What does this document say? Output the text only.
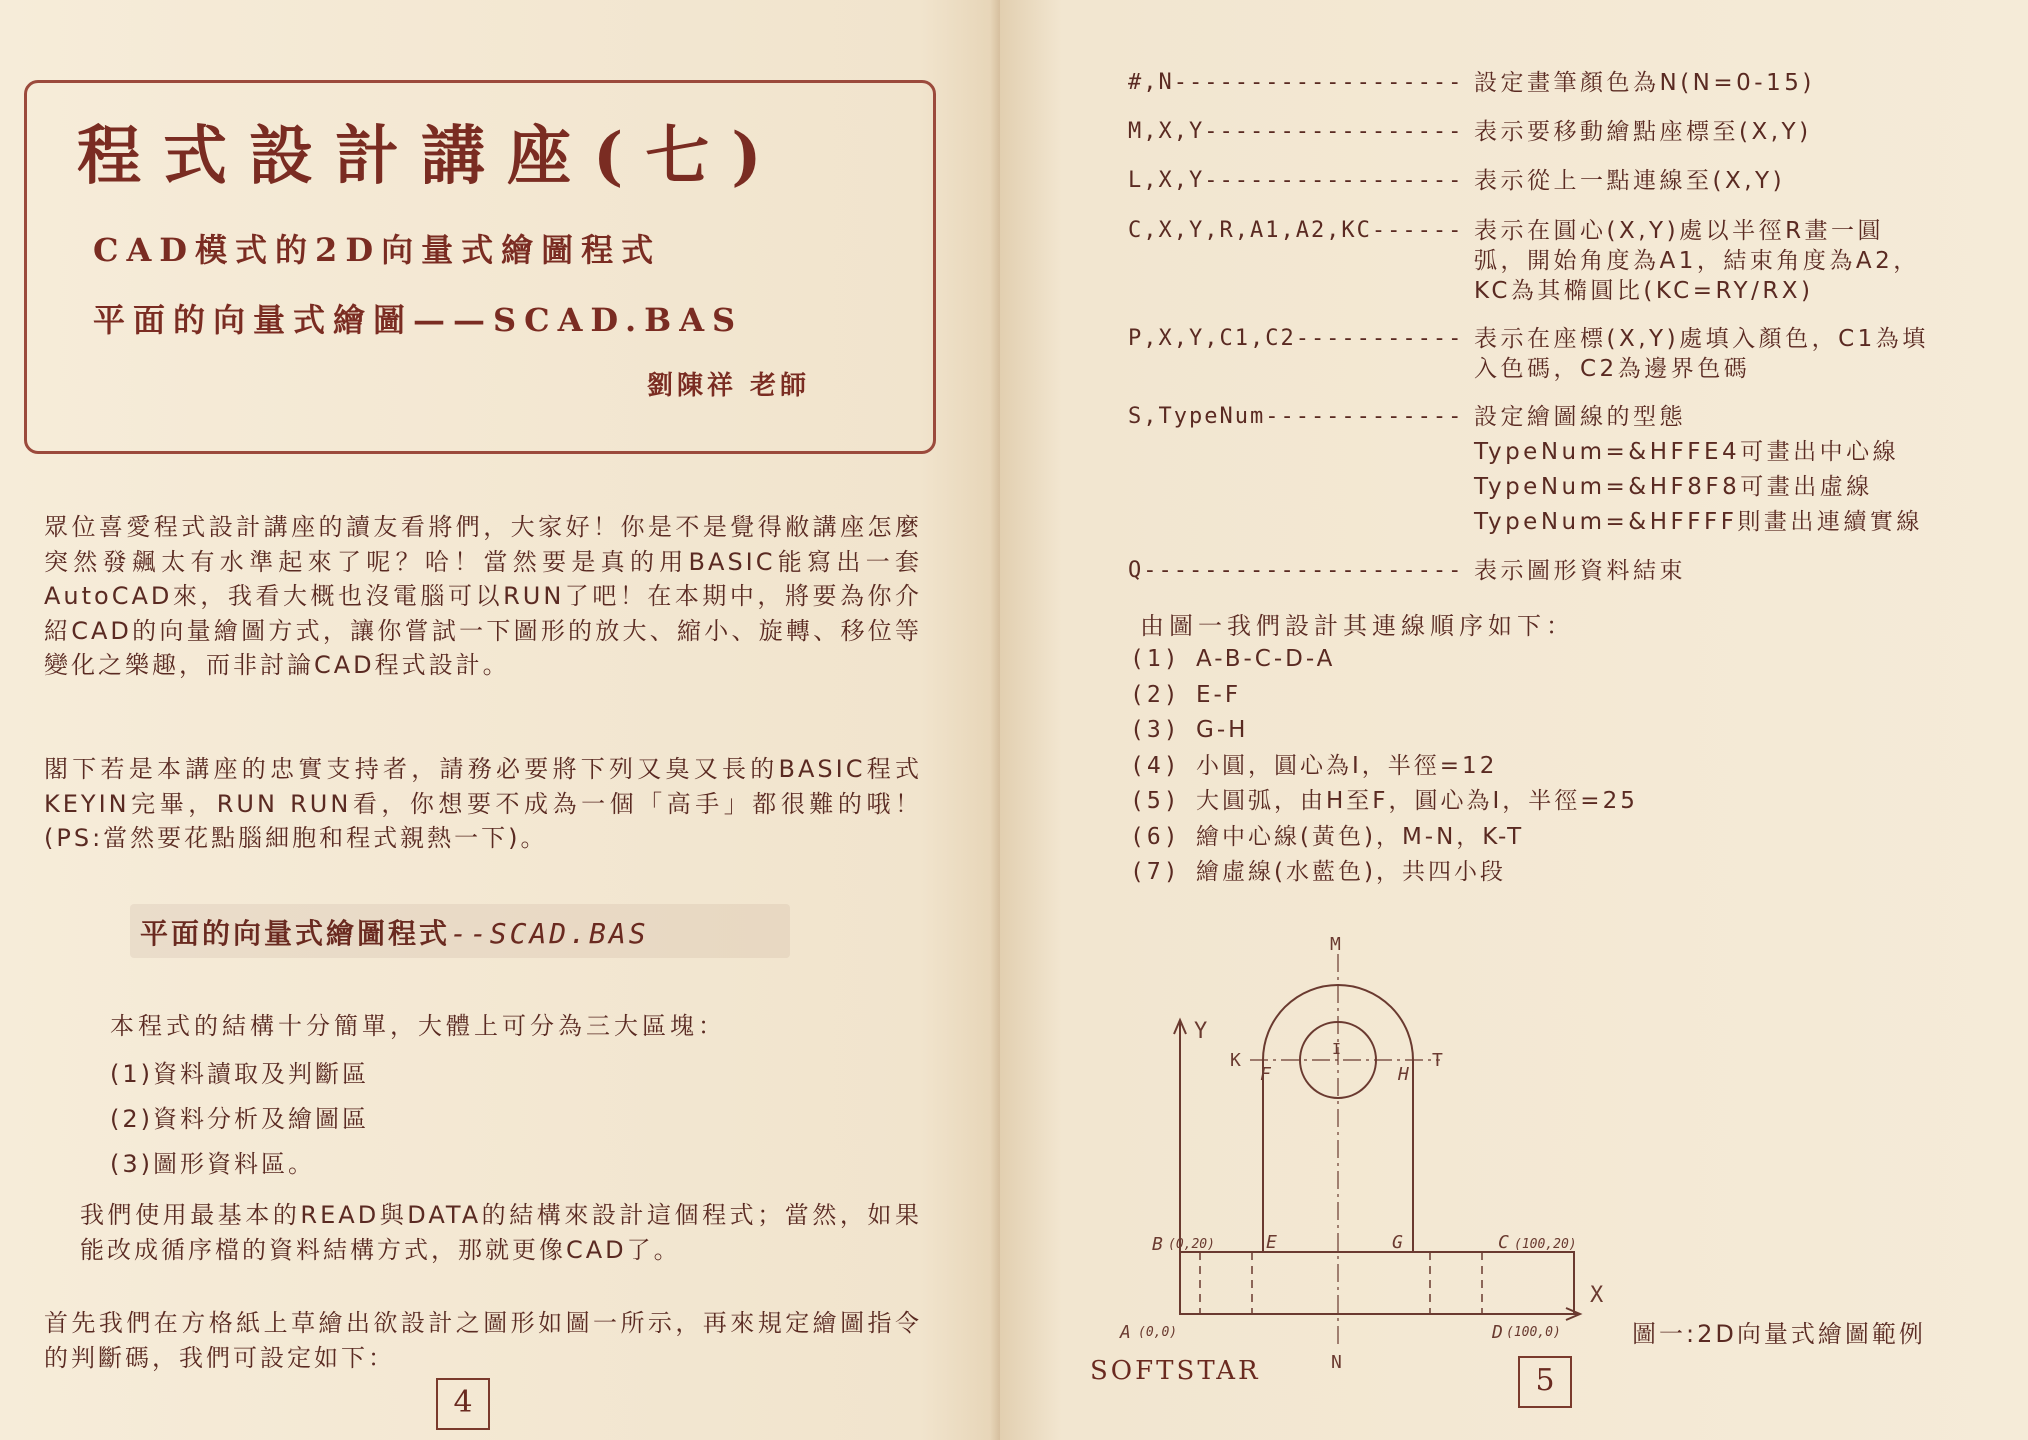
程式設計講座(七)
CAD模式的2D向量式繪圖程式
平面的向量式繪圖——SCAD.BAS
劉陳祥 老師
眾位喜愛程式設計講座的讀友看將們，大家好！你是不是覺得敝講座怎麼突然發飆太有水準起來了呢？哈！當然要是真的用BASIC能寫出一套AutoCAD來，我看大概也沒電腦可以RUN了吧！在本期中，將要為你介紹CAD的向量繪圖方式，讓你嘗試一下圖形的放大、縮小、旋轉、移位等變化之樂趣，而非討論CAD程式設計。
閣下若是本講座的忠實支持者，請務必要將下列又臭又長的BASIC程式KEYIN完畢，RUN RUN看，你想要不成為一個「高手」都很難的哦！(PS:當然要花點腦細胞和程式親熱一下)。
平面的向量式繪圖程式--SCAD.BAS
本程式的結構十分簡單，大體上可分為三大區塊：
(1)資料讀取及判斷區
(2)資料分析及繪圖區
(3)圖形資料區。
我們使用最基本的READ與DATA的結構來設計這個程式；當然，如果能改成循序檔的資料結構方式，那就更像CAD了。
首先我們在方格紙上草繪出欲設計之圖形如圖一所示，再來規定繪圖指令的判斷碼，我們可設定如下：
4
#,N------------------- 設定畫筆顏色為N(N=0-15)
M,X,Y----------------- 表示要移動繪點座標至(X,Y)
L,X,Y----------------- 表示從上一點連線至(X,Y)
C,X,Y,R,A1,A2,KC------ 表示在圓心(X,Y)處以半徑R畫一圓弧，開始角度為A1，結束角度為A2，KC為其橢圓比(KC=RY/RX)
P,X,Y,C1,C2----------- 表示在座標(X,Y)處填入顏色，C1為填入色碼，C2為邊界色碼
S,TypeNum------------- 設定繪圖線的型態
TypeNum=&HFFE4可畫出中心線
TypeNum=&HF8F8可畫出虛線
TypeNum=&HFFFF則畫出連續實線
Q--------------------- 表示圖形資料結束
由圖一我們設計其連線順序如下：
(1) A-B-C-D-A
(2) E-F
(3) G-H
(4) 小圓，圓心為I，半徑=12
(5) 大圓弧，由H至F，圓心為I，半徑=25
(6) 繪中心線(黃色)，M-N，K-T
(7) 繪虛線(水藍色)，共四小段
M
N
Y
X
K	T
F	H
I
B (0,20)	E	G	C (100,20)
A (0,0)	D (100,0)	圖一:2D向量式繪圖範例
SOFTSTAR	5
